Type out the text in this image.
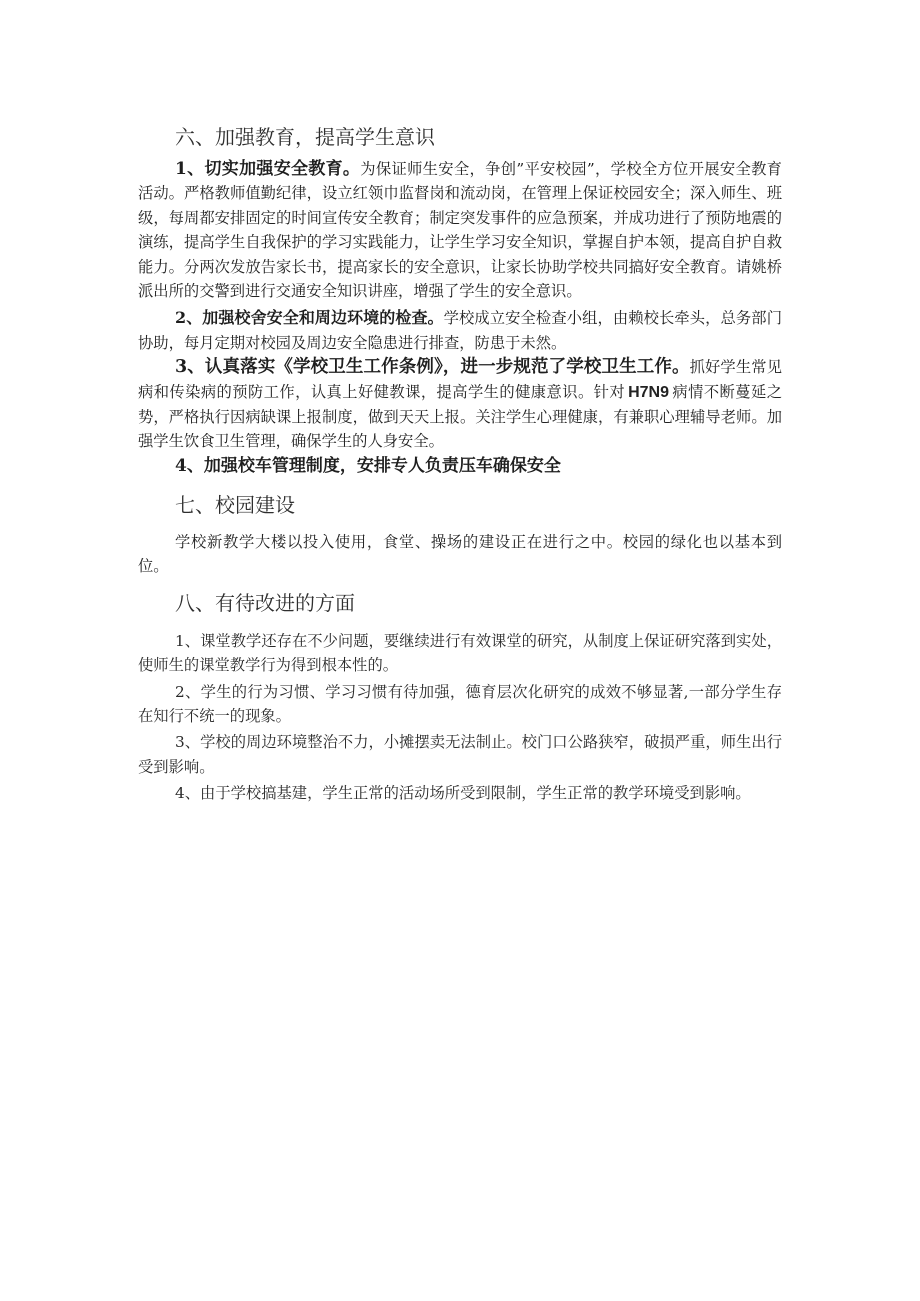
六、加强教育，提高学生意识

1、切实加强安全教育。为保证师生安全，争创”平安校园”，学校全方位开展安全教育活动。严格教师值勤纪律，设立红领巾监督岗和流动岗，在管理上保证校园安全；深入师生、班级，每周都安排固定的时间宣传安全教育；制定突发事件的应急预案，并成功进行了预防地震的演练，提高学生自我保护的学习实践能力，让学生学习安全知识，掌握自护本领，提高自护自救能力。分两次发放告家长书，提高家长的安全意识，让家长协助学校共同搞好安全教育。请姚桥派出所的交警到进行交通安全知识讲座，增强了学生的安全意识。

2、加强校舍安全和周边环境的检查。学校成立安全检查小组，由赖校长牵头，总务部门协助，每月定期对校园及周边安全隐患进行排查，防患于未然。

3、认真落实《学校卫生工作条例》，进一步规范了学校卫生工作。抓好学生常见病和传染病的预防工作，认真上好健教课，提高学生的健康意识。针对 H7N9 病情不断蔓延之势，严格执行因病缺课上报制度，做到天天上报。关注学生心理健康，有兼职心理辅导老师。加强学生饮食卫生管理，确保学生的人身安全。

4、加强校车管理制度，安排专人负责压车确保安全

七、校园建设

学校新教学大楼以投入使用，食堂、操场的建设正在进行之中。校园的绿化也以基本到位。

八、有待改进的方面

1、课堂教学还存在不少问题，要继续进行有效课堂的研究，从制度上保证研究落到实处，使师生的课堂教学行为得到根本性的。

2、学生的行为习惯、学习习惯有待加强，德育层次化研究的成效不够显著,一部分学生存在知行不统一的现象。

3、学校的周边环境整治不力，小摊摆卖无法制止。校门口公路狭窄，破损严重，师生出行受到影响。

4、由于学校搞基建，学生正常的活动场所受到限制，学生正常的教学环境受到影响。
